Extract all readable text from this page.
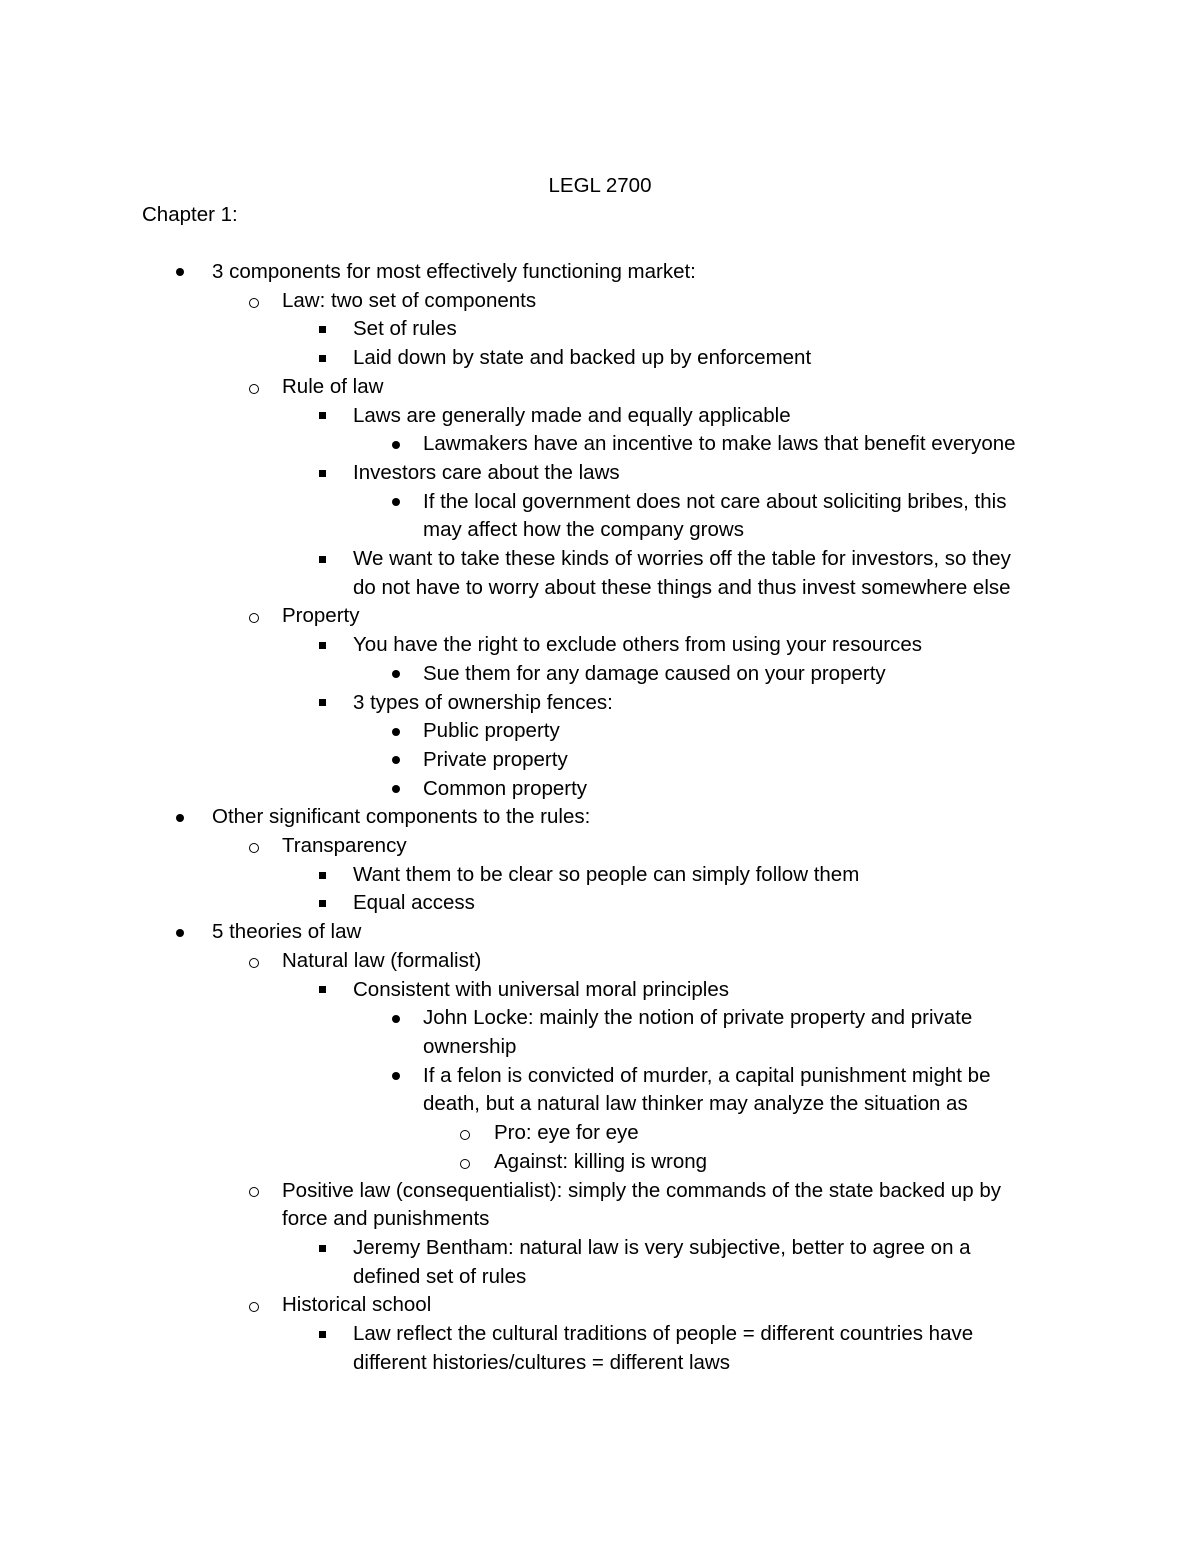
LEGL 2700
Chapter 1:
3 components for most effectively functioning market:
Law: two set of components
Set of rules
Laid down by state and backed up by enforcement
Rule of law
Laws are generally made and equally applicable
Lawmakers have an incentive to make laws that benefit everyone
Investors care about the laws
If the local government does not care about soliciting bribes, this
may affect how the company grows
We want to take these kinds of worries off the table for investors, so they
do not have to worry about these things and thus invest somewhere else
Property
You have the right to exclude others from using your resources
Sue them for any damage caused on your property
3 types of ownership fences:
Public property
Private property
Common property
Other significant components to the rules:
Transparency
Want them to be clear so people can simply follow them
Equal access
5 theories of law
Natural law (formalist)
Consistent with universal moral principles
John Locke: mainly the notion of private property and private
ownership
If a felon is convicted of murder, a capital punishment might be
death, but a natural law thinker may analyze the situation as
Pro: eye for eye
Against: killing is wrong
Positive law (consequentialist): simply the commands of the state backed up by
force and punishments
Jeremy Bentham: natural law is very subjective, better to agree on a
defined set of rules
Historical school
Law reflect the cultural traditions of people = different countries have
different histories/cultures = different laws
